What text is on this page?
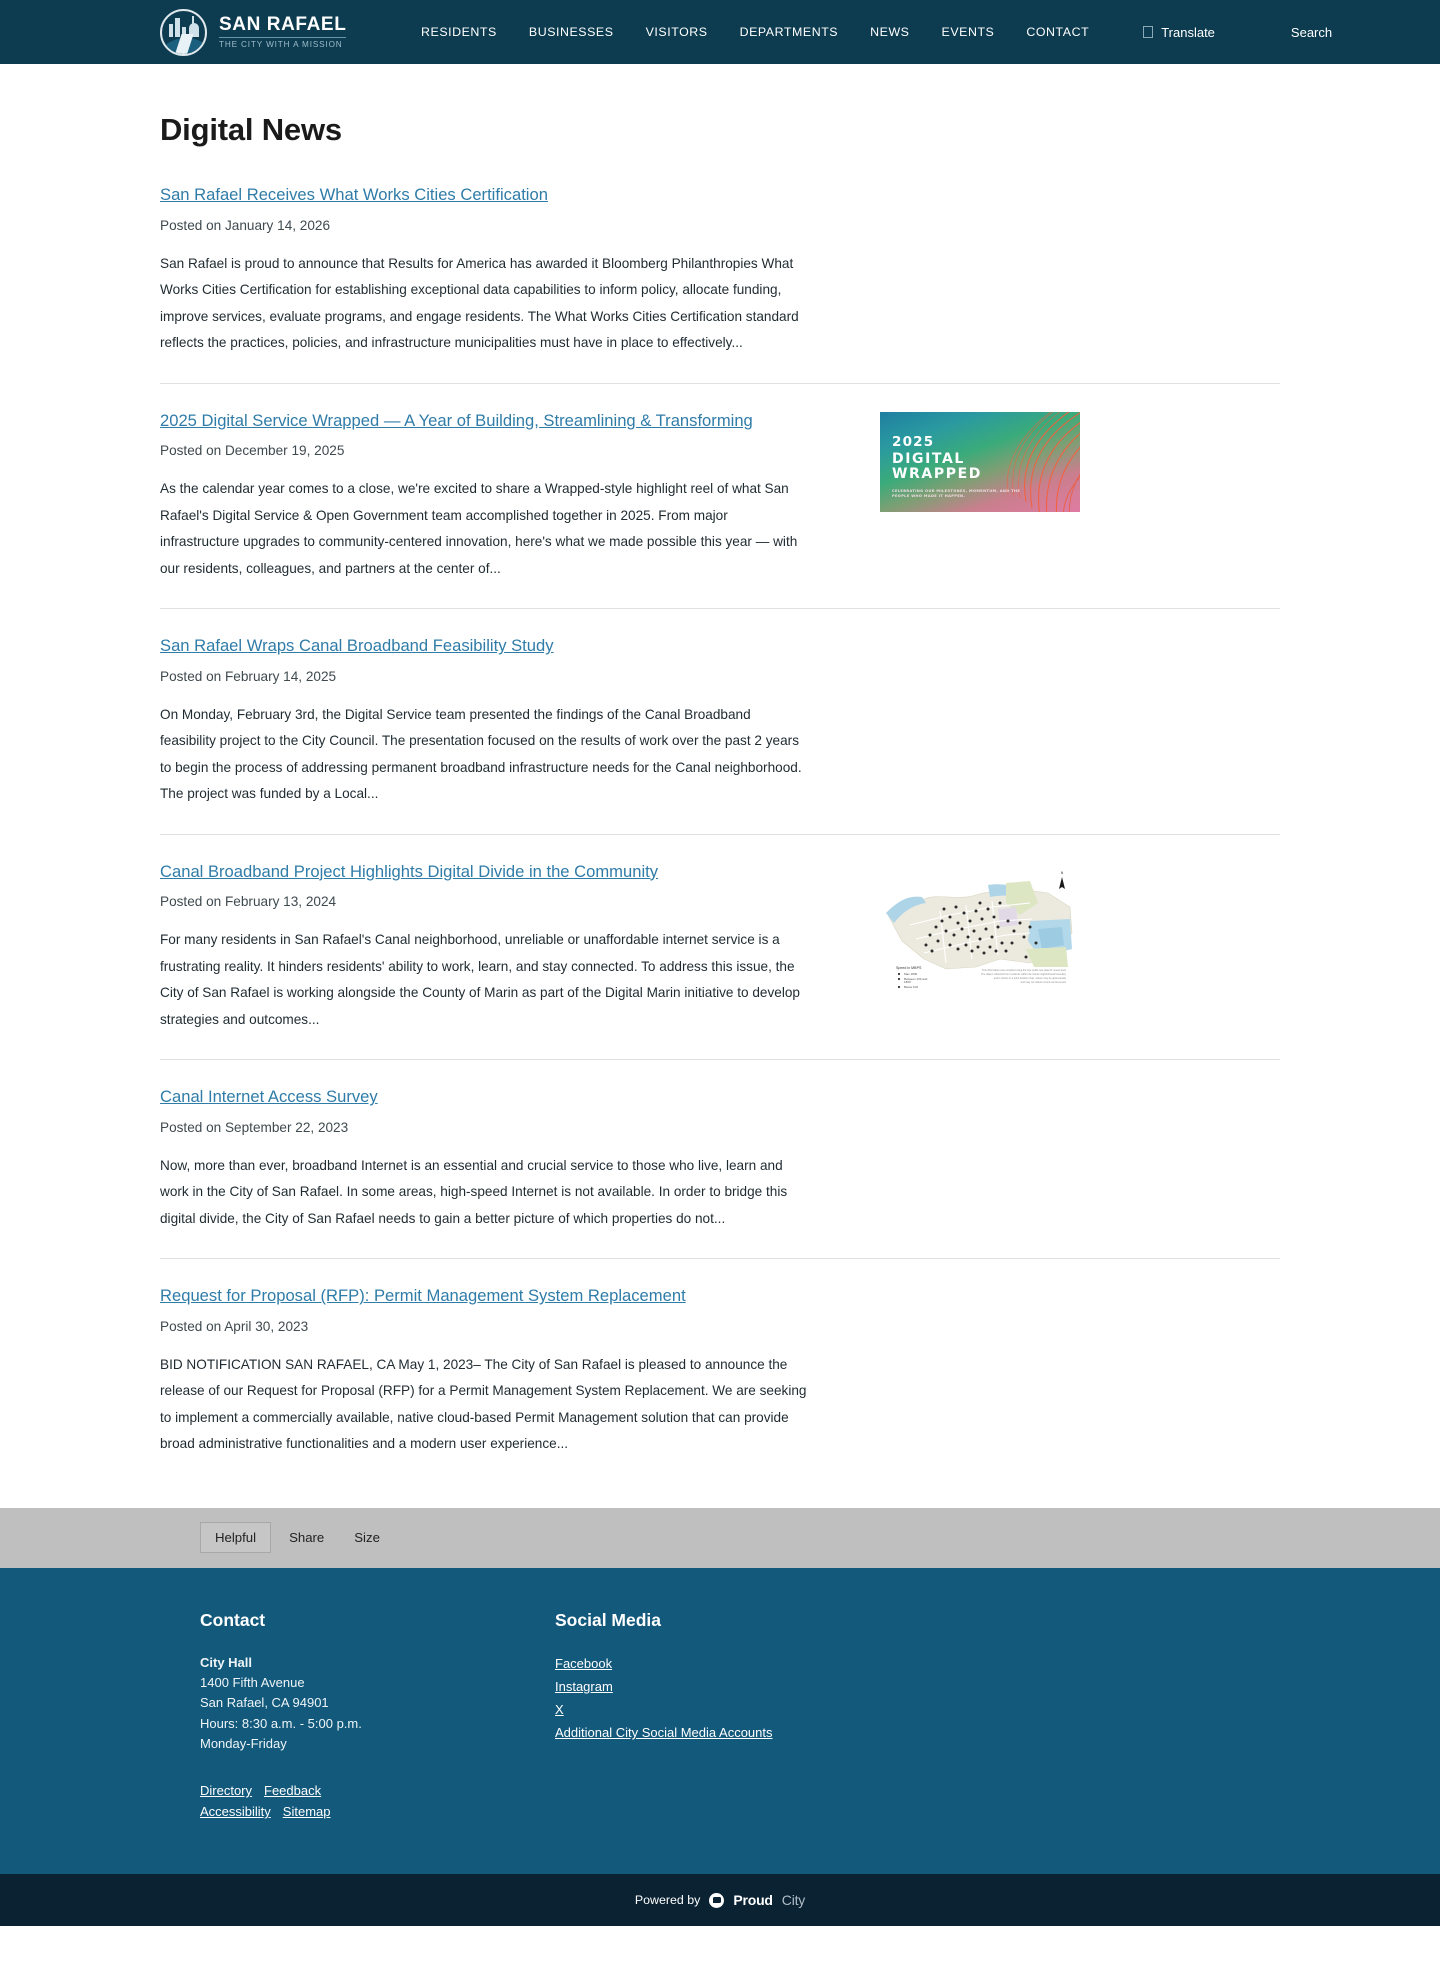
SAN RAFAEL
THE CITY WITH A MISSION
RESIDENTS	BUSINESSES	VISITORS	DEPARTMENTS	NEWS	EVENTS	CONTACT	Translate	Search
Digital News
San Rafael Receives What Works Cities Certification
Posted on January 14, 2026

San Rafael is proud to announce that Results for America has awarded it Bloomberg Philanthropies What Works Cities Certification for establishing exceptional data capabilities to inform policy, allocate funding, improve services, evaluate programs, and engage residents. The What Works Cities Certification standard reflects the practices, policies, and infrastructure municipalities must have in place to effectively...

2025 Digital Service Wrapped — A Year of Building, Streamlining & Transforming
Posted on December 19, 2025

As the calendar year comes to a close, we're excited to share a Wrapped-style highlight reel of what San Rafael's Digital Service & Open Government team accomplished together in 2025. From major infrastructure upgrades to community-centered innovation, here's what we made possible this year — with our residents, colleagues, and partners at the center of...

2025
DIGITAL
WRAPPED
CELEBRATING OUR MILESTONES, MOMENTUM, AND THE PEOPLE WHO MADE IT HAPPEN.
San Rafael Wraps Canal Broadband Feasibility Study
Posted on February 14, 2025

On Monday, February 3rd, the Digital Service team presented the findings of the Canal Broadband feasibility project to the City Council. The presentation focused on the results of work over the past 2 years to begin the process of addressing permanent broadband infrastructure needs for the Canal neighborhood. The project was funded by a Local...

Canal Broadband Project Highlights Digital Divide in the Community
Posted on February 13, 2024

For many residents in San Rafael's Canal neighborhood, unreliable or unaffordable internet service is a frustrating reality. It hinders residents' ability to work, learn, and stay connected. To address this issue, the City of San Rafael is working alongside the County of Marin as part of the Digital Marin initiative to develop strategies and outcomes...

N
Speed in MBPS
Max 1800
Between 100 and
1800
Below 100
This information was compiled using the free public test data for speed tests
The data is collected from residents within the Canal neighborhood boundary
and is shown in a point location map, values may be approximate
and may not reflect current service levels
Canal Internet Access Survey
Posted on September 22, 2023

Now, more than ever, broadband Internet is an essential and crucial service to those who live, learn and work in the City of San Rafael. In some areas, high-speed Internet is not available. In order to bridge this digital divide, the City of San Rafael needs to gain a better picture of which properties do not...

Request for Proposal (RFP): Permit Management System Replacement
Posted on April 30, 2023

BID NOTIFICATION SAN RAFAEL, CA May 1, 2023– The City of San Rafael is pleased to announce the release of our Request for Proposal (RFP) for a Permit Management System Replacement. We are seeking to implement a commercially available, native cloud-based Permit Management solution that can provide broad administrative functionalities and a modern user experience...

Helpful	Share	Size
Contact
City Hall
1400 Fifth Avenue
San Rafael, CA 94901
Hours: 8:30 a.m. - 5:00 p.m.
Monday-Friday
Directory Feedback
Accessibility Sitemap
Social Media
Facebook
Instagram
X
Additional City Social Media Accounts
Powered by Proud City
